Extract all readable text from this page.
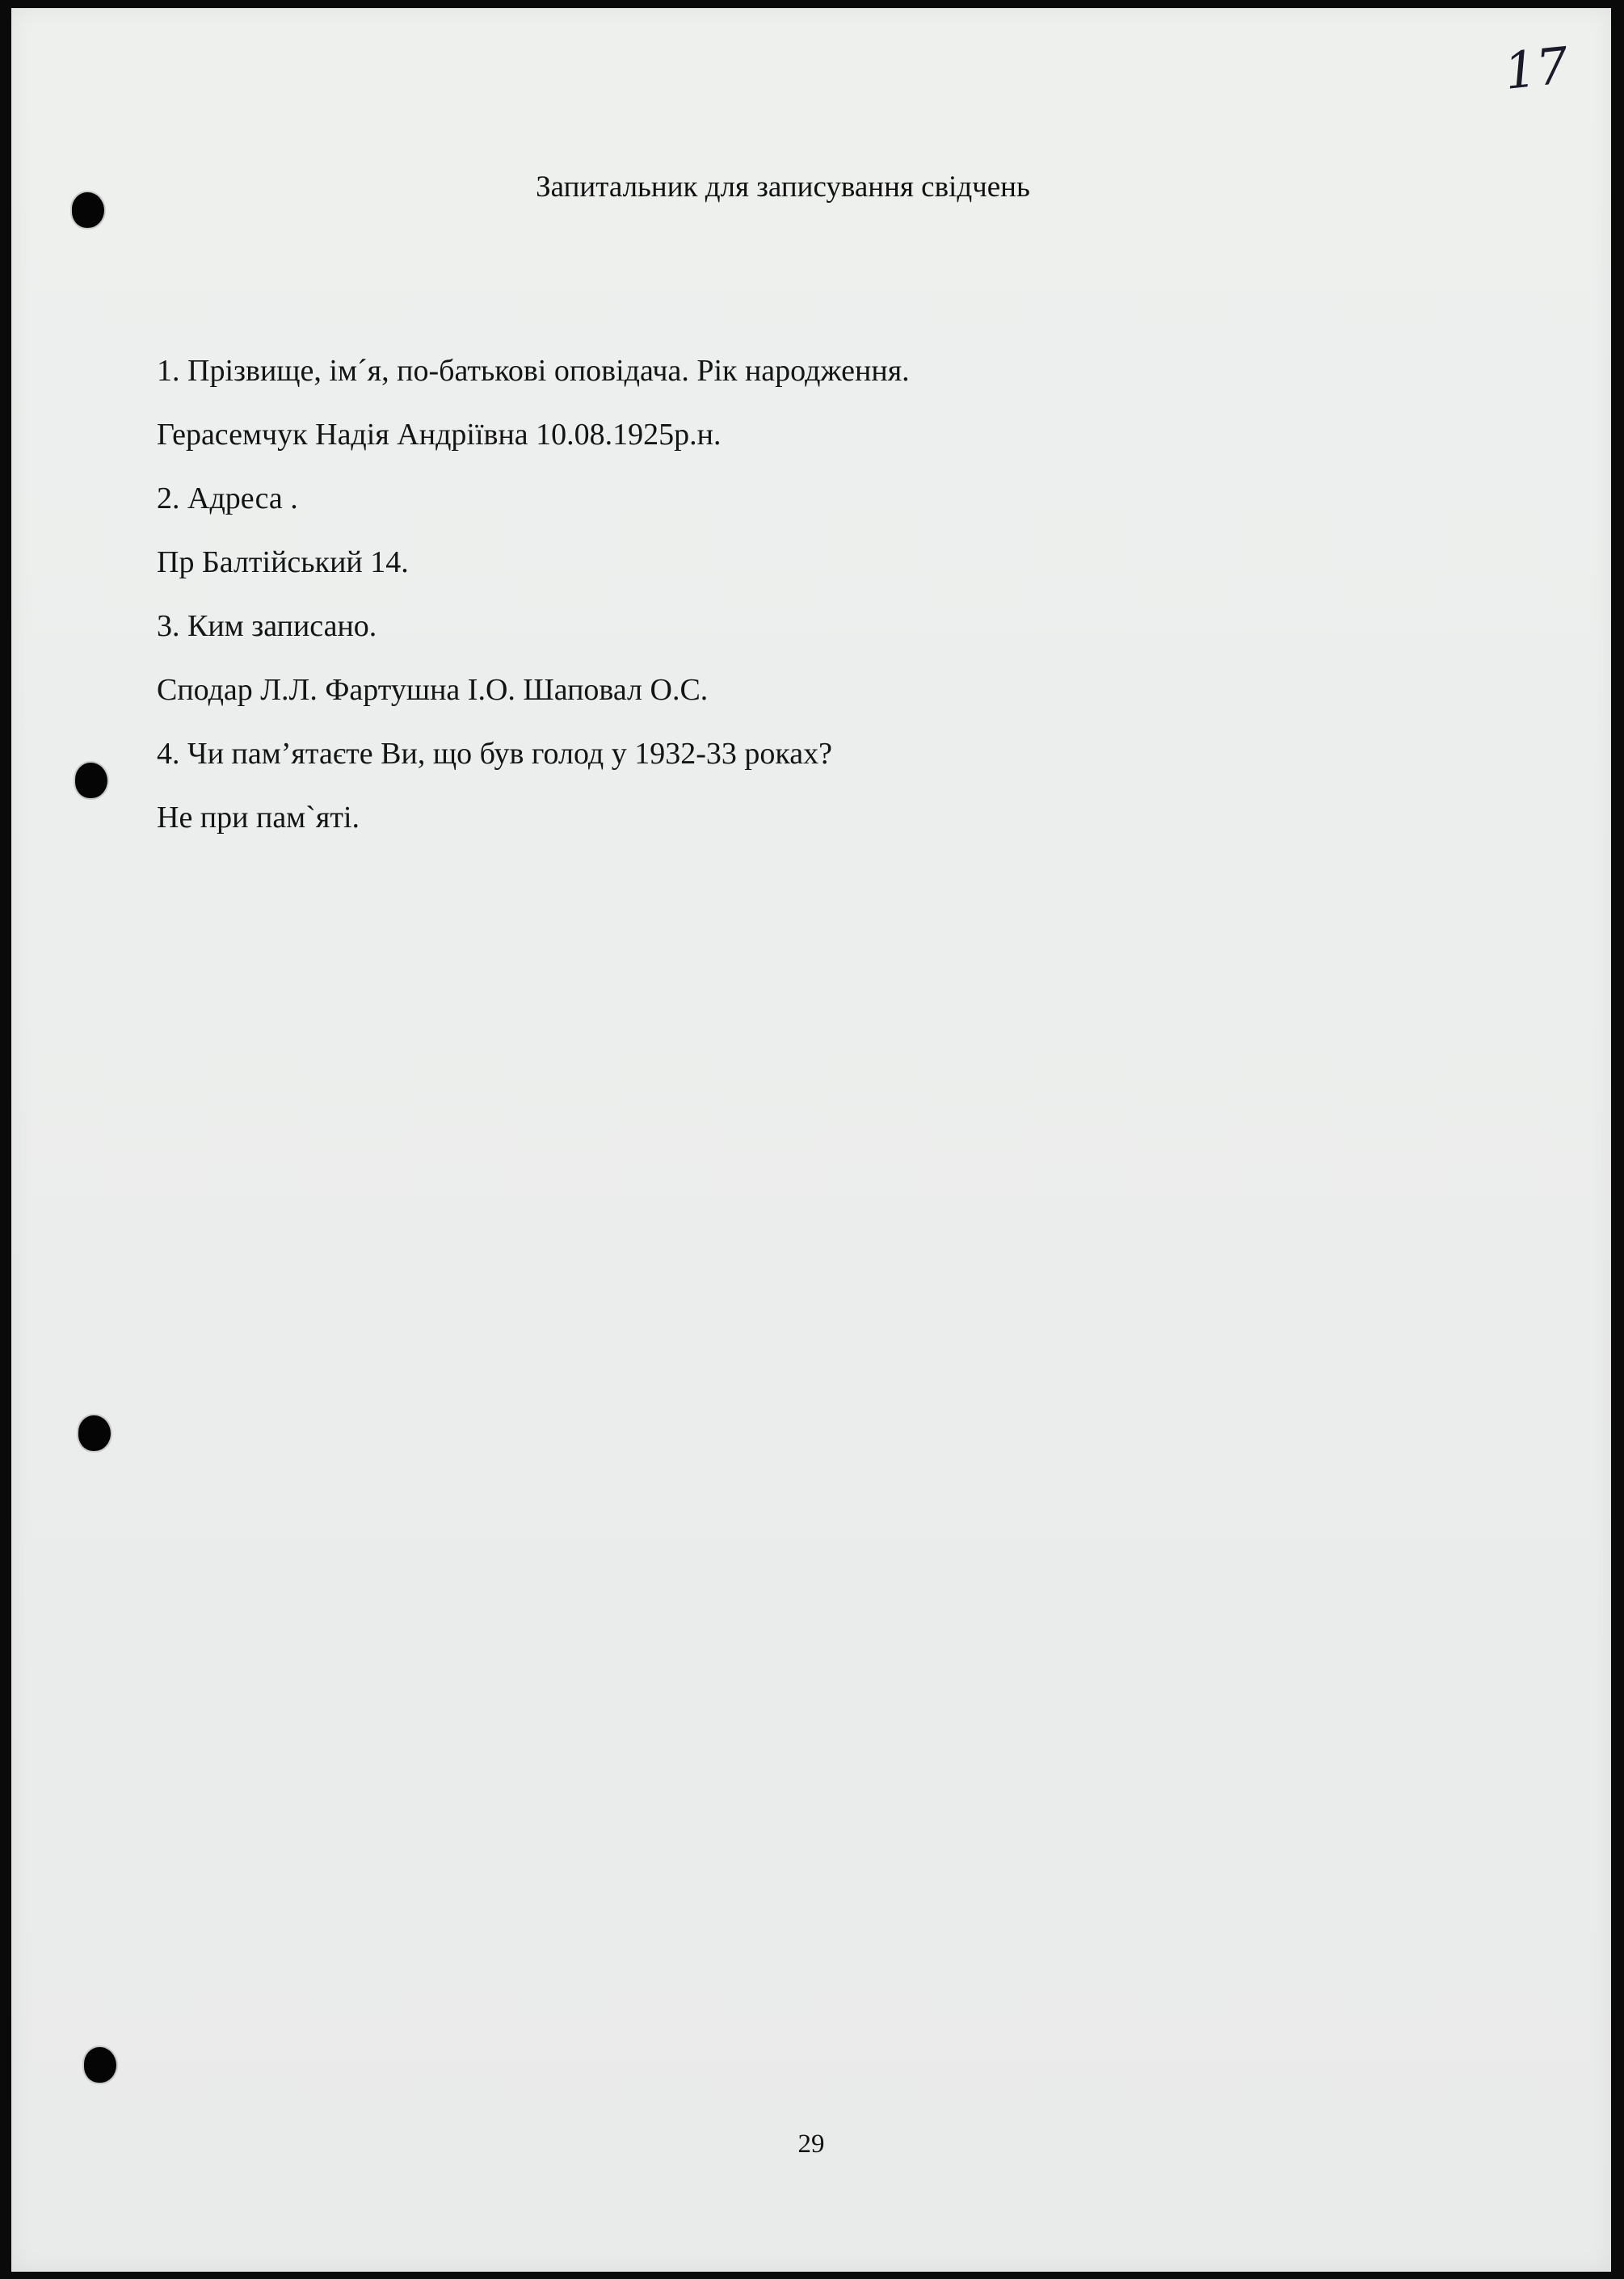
17
Запитальник для записування свідчень
1. Прізвище, ім´я, по-батькові оповідача. Рік народження.
Герасемчук Надія Андріївна 10.08.1925р.н.
2. Адреса .
Пр Балтійський 14.
3. Ким записано.
Сподар Л.Л. Фартушна І.О. Шаповал О.С.
4. Чи пам’ятаєте Ви, що був голод у 1932-33 роках?
Не при пам`яті.
29
